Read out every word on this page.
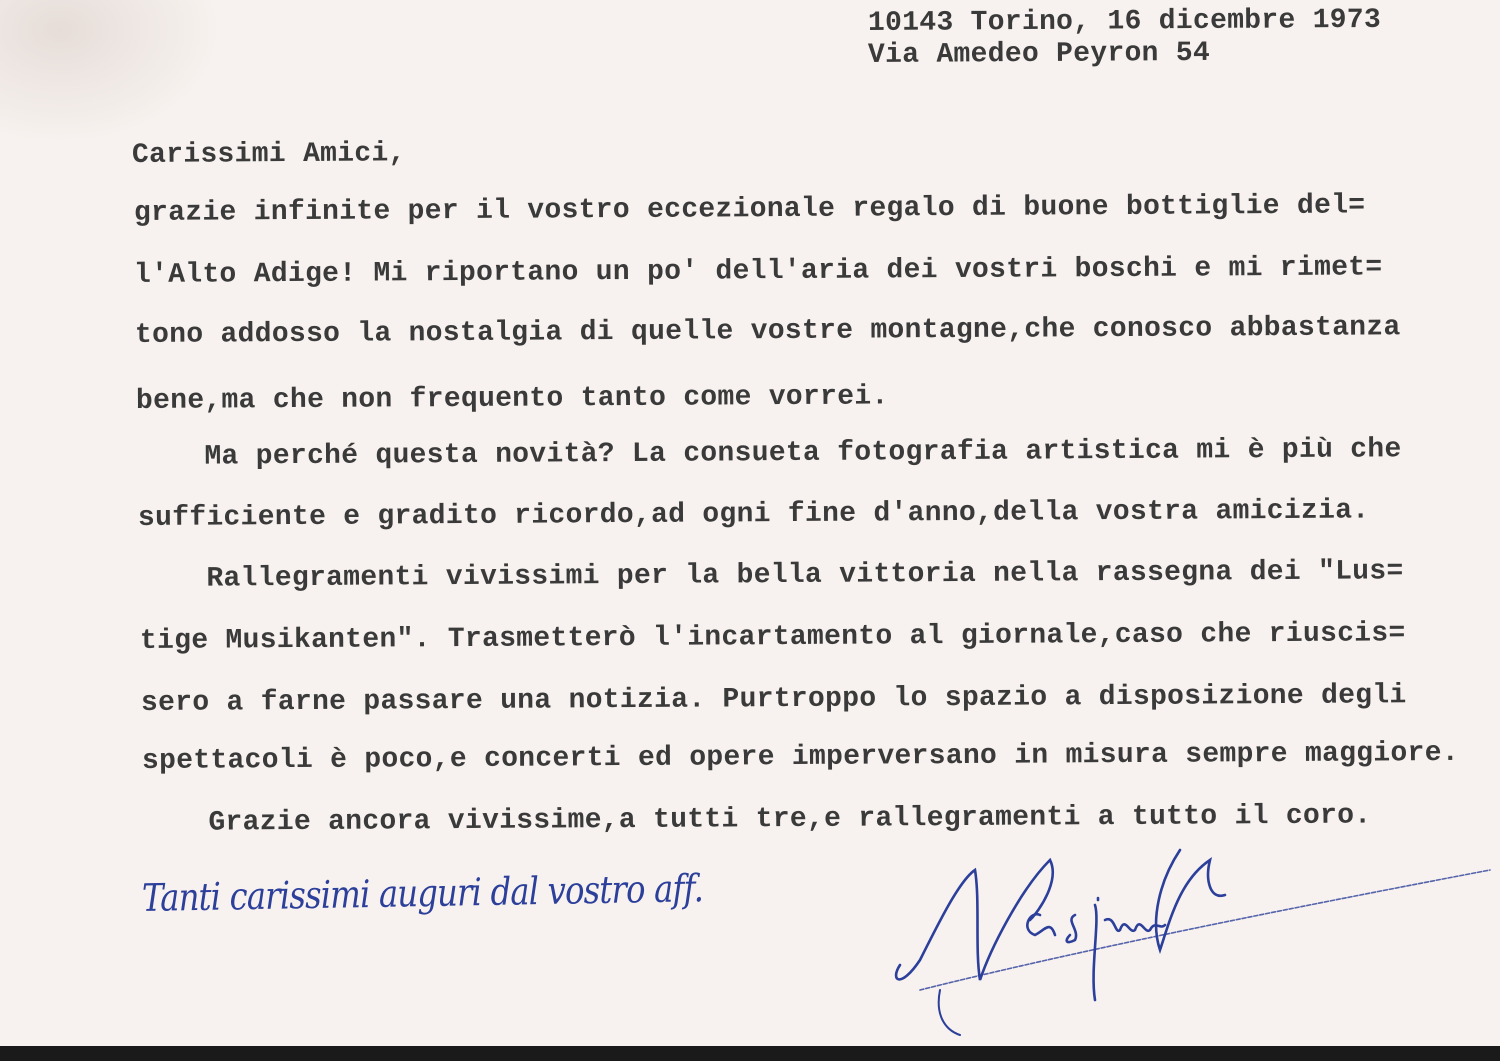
10143 Torino, 16 dicembre 1973
Via Amedeo Peyron 54
Carissimi Amici,
grazie infinite per il vostro eccezionale regalo di buone bottiglie del=
l'Alto Adige! Mi riportano un po' dell'aria dei vostri boschi e mi rimet=
tono addosso la nostalgia di quelle vostre montagne,che conosco abbastanza
bene,ma che non frequento tanto come vorrei.
Ma perché questa novità? La consueta fotografia artistica mi è più che
sufficiente e gradito ricordo,ad ogni fine d'anno,della vostra amicizia.
Rallegramenti vivissimi per la bella vittoria nella rassegna dei "Lus=
tige Musikanten". Trasmetterò l'incartamento al giornale,caso che riuscis=
sero a farne passare una notizia. Purtroppo lo spazio a disposizione degli
spettacoli è poco,e concerti ed opere imperversano in misura sempre maggiore.
Grazie ancora vivissime,a tutti tre,e rallegramenti a tutto il coro.
Tanti carissimi auguri dal vostro aff.
